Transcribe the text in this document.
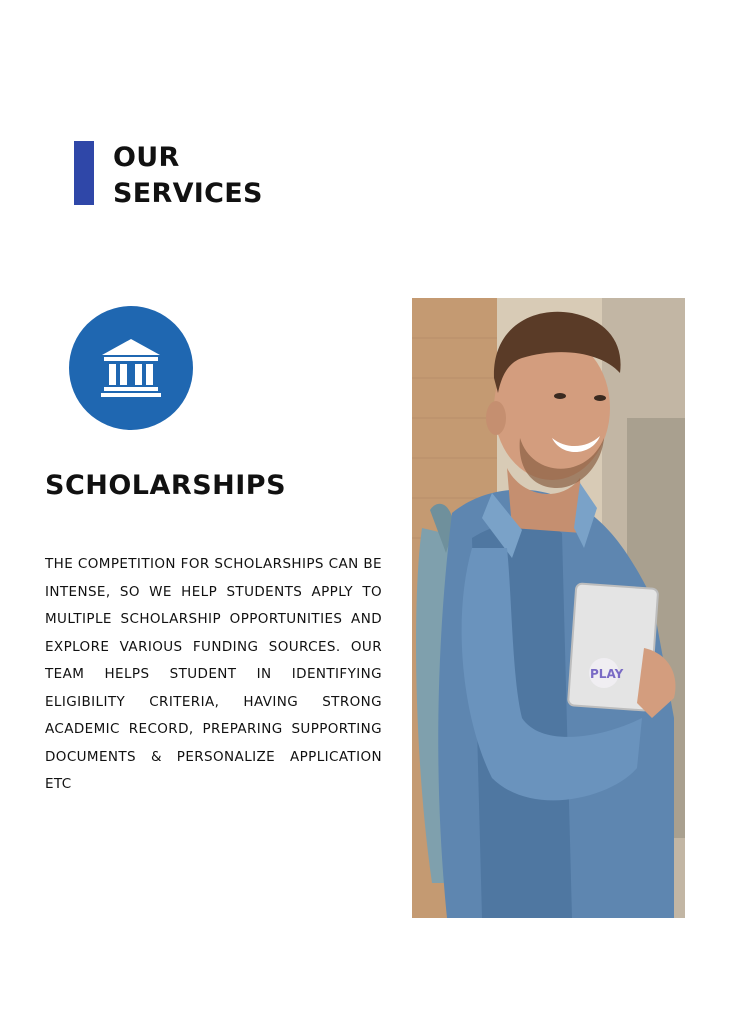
OUR
SERVICES
SCHOLARSHIPS

THE COMPETITION FOR SCHOLARSHIPS CAN BE INTENSE, SO WE HELP STUDENTS APPLY TO MULTIPLE SCHOLARSHIP OPPORTUNITIES AND EXPLORE VARIOUS FUNDING SOURCES. OUR TEAM HELPS STUDENT IN IDENTIFYING ELIGIBILITY CRITERIA, HAVING STRONG ACADEMIC RECORD, PREPARING SUPPORTING DOCUMENTS & PERSONALIZE APPLICATION ETC

PLAY
